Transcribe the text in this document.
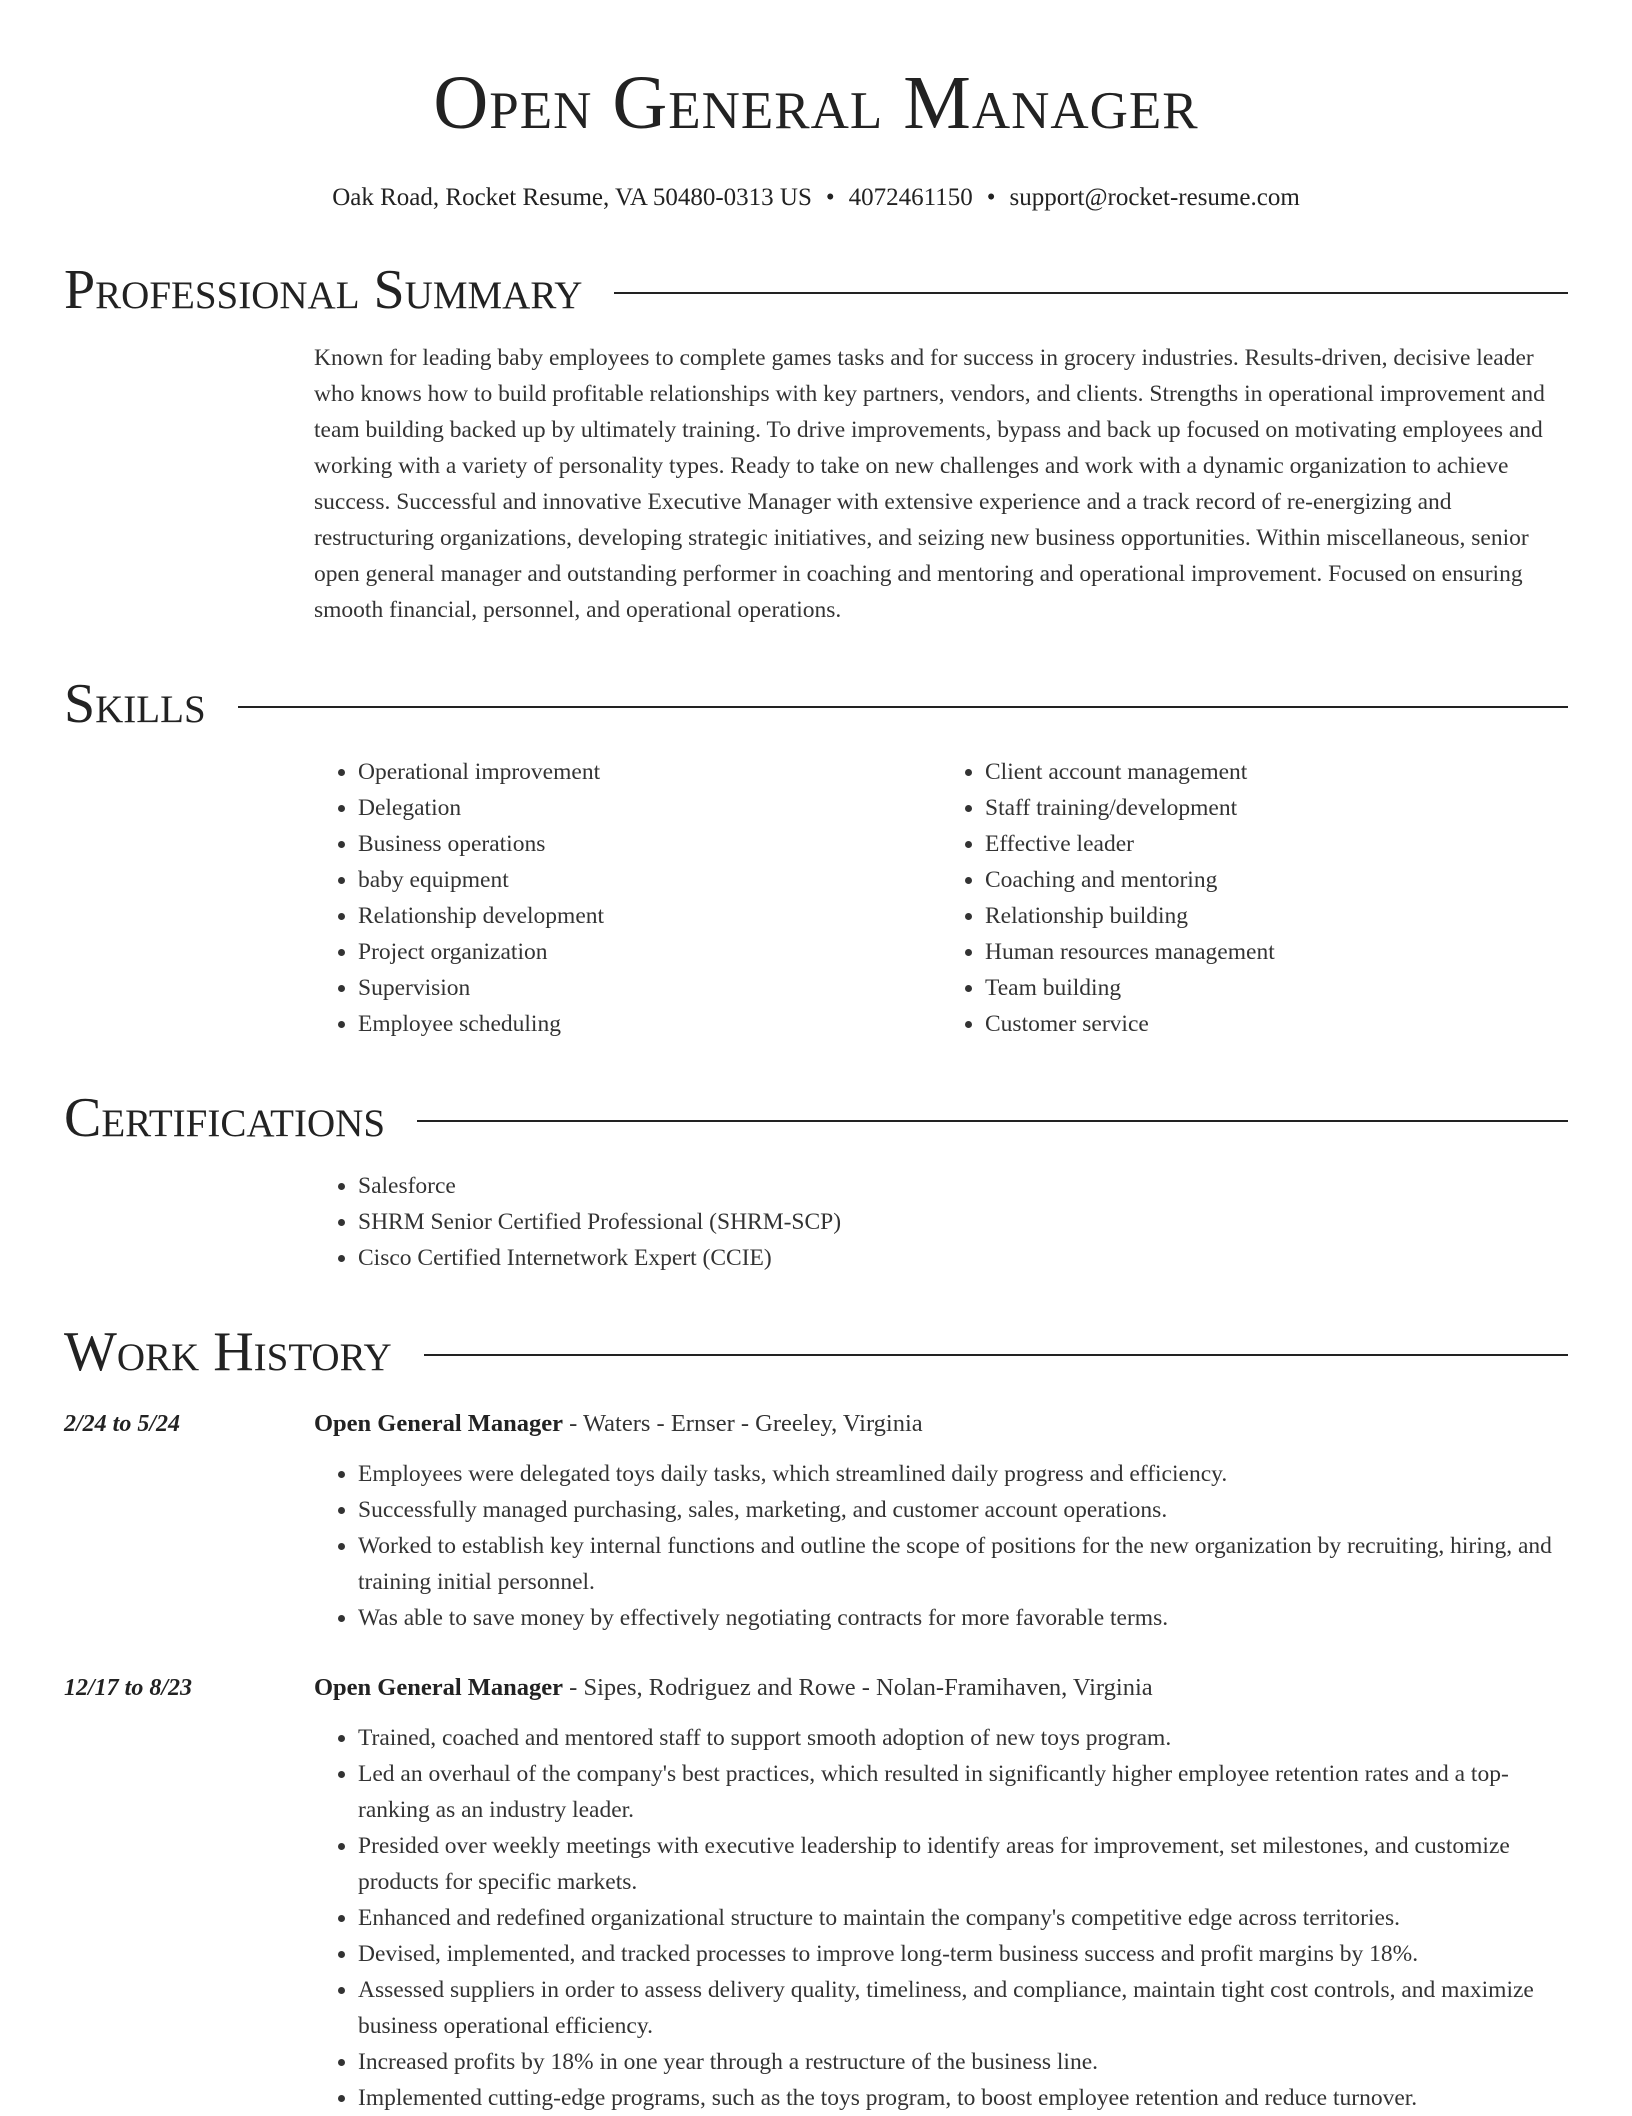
Open General Manager
Oak Road, Rocket Resume, VA 50480-0313 US • 4072461150 • support@rocket-resume.com
Professional Summary
Known for leading baby employees to complete games tasks and for success in grocery industries. Results-driven, decisive leader who knows how to build profitable relationships with key partners, vendors, and clients. Strengths in operational improvement and team building backed up by ultimately training. To drive improvements, bypass and back up focused on motivating employees and working with a variety of personality types. Ready to take on new challenges and work with a dynamic organization to achieve success. Successful and innovative Executive Manager with extensive experience and a track record of re-energizing and restructuring organizations, developing strategic initiatives, and seizing new business opportunities. Within miscellaneous, senior open general manager and outstanding performer in coaching and mentoring and operational improvement. Focused on ensuring smooth financial, personnel, and operational operations.
Skills
• Operational improvement
• Delegation
• Business operations
• baby equipment
• Relationship development
• Project organization
• Supervision
• Employee scheduling
• Client account management
• Staff training/development
• Effective leader
• Coaching and mentoring
• Relationship building
• Human resources management
• Team building
• Customer service
Certifications
• Salesforce
• SHRM Senior Certified Professional (SHRM-SCP)
• Cisco Certified Internetwork Expert (CCIE)
Work History
2/24 to 5/24	Open General Manager - Waters - Ernser - Greeley, Virginia
• Employees were delegated toys daily tasks, which streamlined daily progress and efficiency.
• Successfully managed purchasing, sales, marketing, and customer account operations.
• Worked to establish key internal functions and outline the scope of positions for the new organization by recruiting, hiring, and training initial personnel.
• Was able to save money by effectively negotiating contracts for more favorable terms.
12/17 to 8/23	Open General Manager - Sipes, Rodriguez and Rowe - Nolan-Framihaven, Virginia
• Trained, coached and mentored staff to support smooth adoption of new toys program.
• Led an overhaul of the company's best practices, which resulted in significantly higher employee retention rates and a top-ranking as an industry leader.
• Presided over weekly meetings with executive leadership to identify areas for improvement, set milestones, and customize products for specific markets.
• Enhanced and redefined organizational structure to maintain the company's competitive edge across territories.
• Devised, implemented, and tracked processes to improve long-term business success and profit margins by 18%.
• Assessed suppliers in order to assess delivery quality, timeliness, and compliance, maintain tight cost controls, and maximize business operational efficiency.
• Increased profits by 18% in one year through a restructure of the business line.
• Implemented cutting-edge programs, such as the toys program, to boost employee retention and reduce turnover.
